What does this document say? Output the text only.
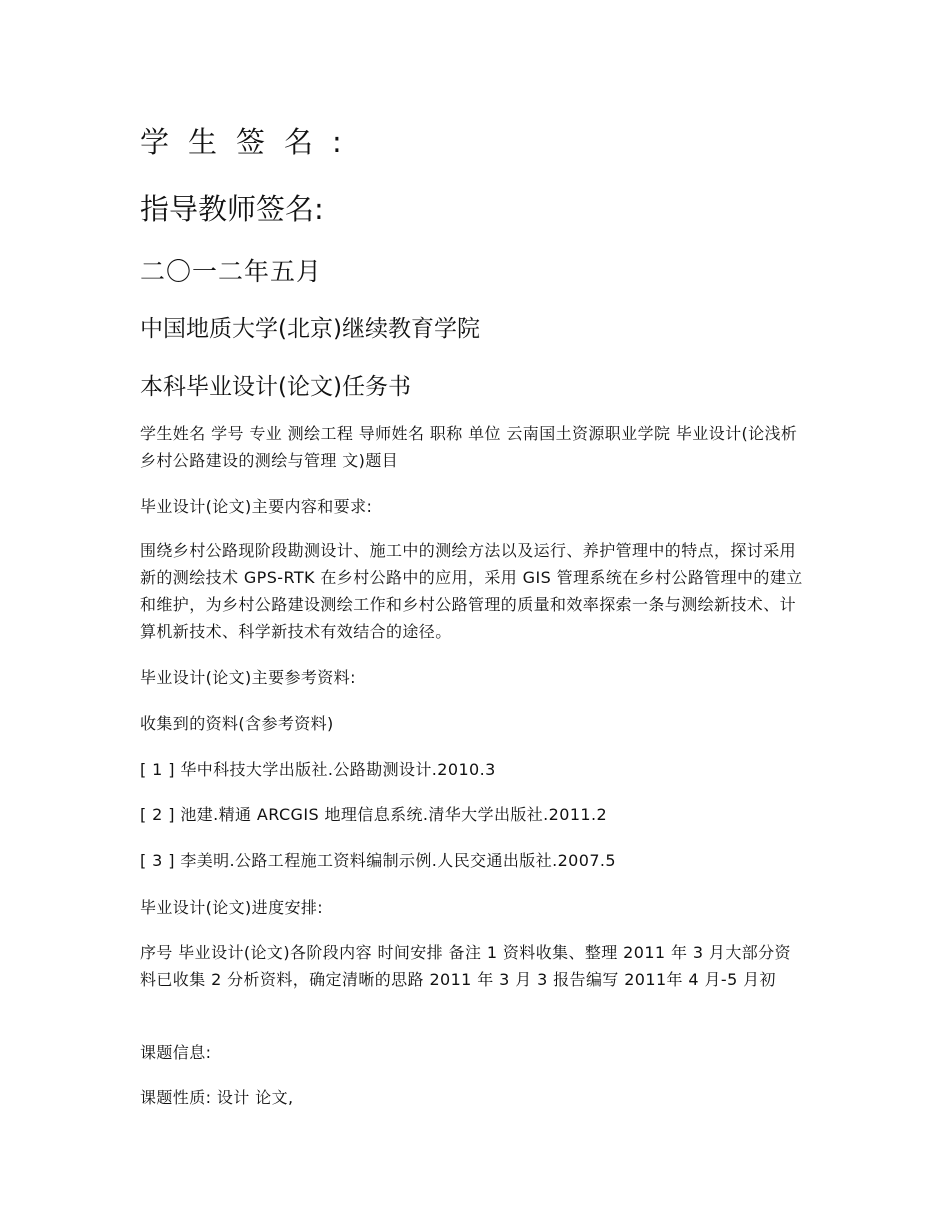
学生签名:
指导教师签名:
二〇一二年五月
中国地质大学(北京)继续教育学院
本科毕业设计(论文)任务书

学生姓名 学号 专业 测绘工程 导师姓名 职称 单位 云南国土资源职业学院 毕业设计(论浅析乡村公路建设的测绘与管理 文)题目

毕业设计(论文)主要内容和要求:

围绕乡村公路现阶段勘测设计、施工中的测绘方法以及运行、养护管理中的特点，探讨采用新的测绘技术 GPS-RTK 在乡村公路中的应用，采用 GIS 管理系统在乡村公路管理中的建立和维护，为乡村公路建设测绘工作和乡村公路管理的质量和效率探索一条与测绘新技术、计算机新技术、科学新技术有效结合的途径。

毕业设计(论文)主要参考资料:

收集到的资料(含参考资料)

[ 1 ] 华中科技大学出版社.公路勘测设计.2010.3

[ 2 ] 池建.精通 ARCGIS 地理信息系统.清华大学出版社.2011.2

[ 3 ] 李美明.公路工程施工资料编制示例.人民交通出版社.2007.5

毕业设计(论文)进度安排:

序号 毕业设计(论文)各阶段内容 时间安排 备注 1 资料收集、整理 2011 年 3 月大部分资料已收集 2 分析资料，确定清晰的思路 2011 年 3 月 3 报告编写 2011年 4 月-5 月初

课题信息:

课题性质: 设计 论文,
